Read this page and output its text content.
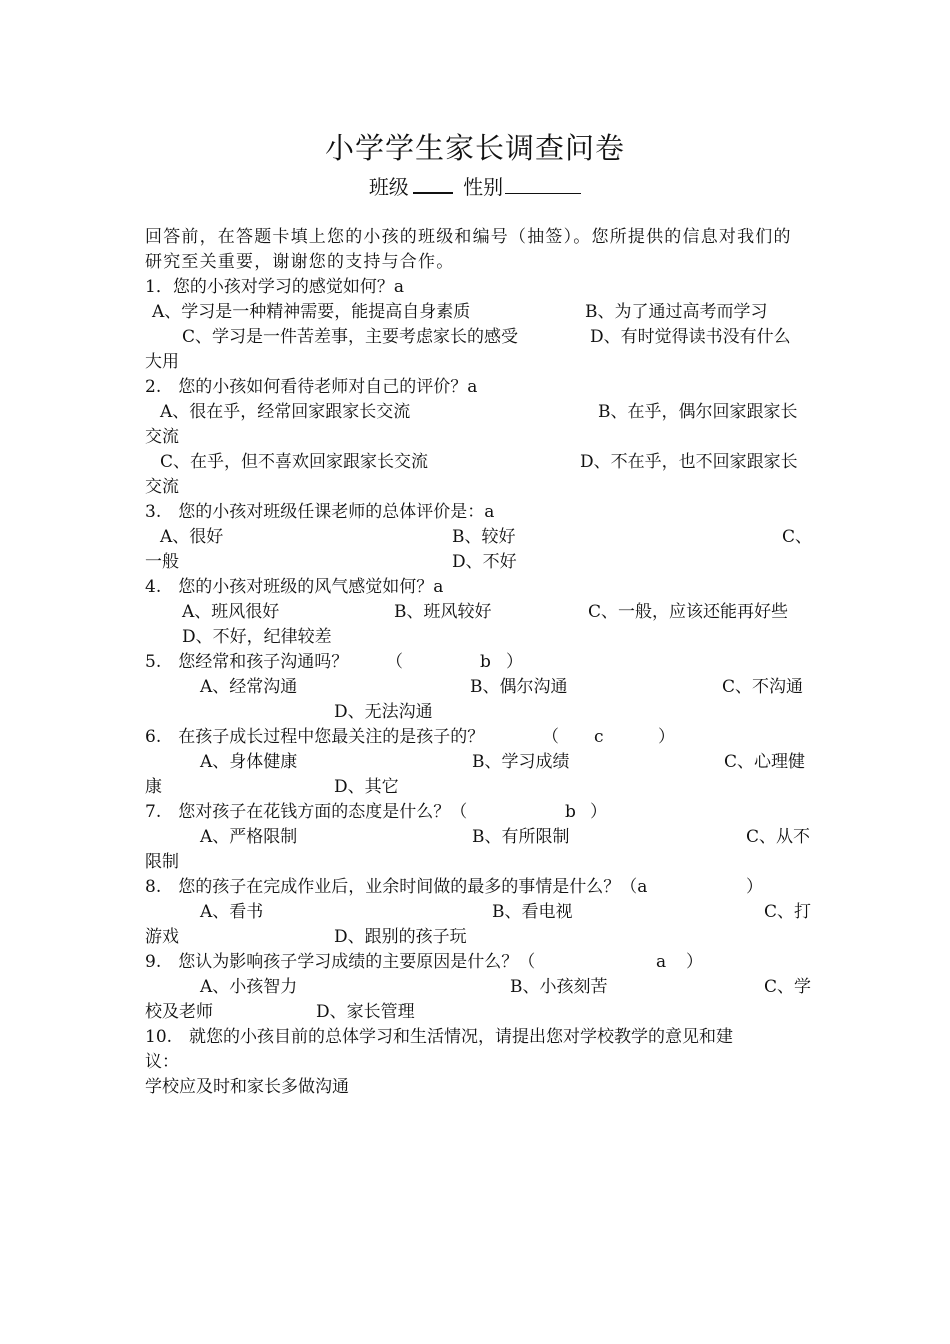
小学学生家长调查问卷
班级	性别
回答前，在答题卡填上您的小孩的班级和编号（抽签）。您所提供的信息对我们的
研究至关重要，谢谢您的支持与合作。
1．您的小孩对学习的感觉如何？a
A、学习是一种精神需要，能提高自身素质	B、为了通过高考而学习
C、学习是一件苦差事，主要考虑家长的感受	D、有时觉得读书没有什么
大用
2.　您的小孩如何看待老师对自己的评价？a
A、很在乎，经常回家跟家长交流	B、在乎，偶尔回家跟家长
交流
C、在乎，但不喜欢回家跟家长交流	D、不在乎，也不回家跟家长
交流
3.　您的小孩对班级任课老师的总体评价是：a
A、很好	B、较好	C、
一般	D、不好
4.　您的小孩对班级的风气感觉如何？a
A、班风很好	B、班风较好	C、一般，应该还能再好些
D、不好，纪律较差
5.　您经常和孩子沟通吗？ （	b ）
A、经常沟通	B、偶尔沟通	C、不沟通
D、无法沟通
6.　在孩子成长过程中您最关注的是孩子的？	（ c	）
A、身体健康	B、学习成绩	C、心理健
康	D、其它
7.　您对孩子在花钱方面的态度是什么？（	b ）
A、严格限制	B、有所限制	C、从不
限制
8.　您的孩子在完成作业后，业余时间做的最多的事情是什么？（a	）
A、看书	B、看电视	C、打
游戏	D、跟别的孩子玩
9.　您认为影响孩子学习成绩的主要原因是什么？（	a ）
A、小孩智力	B、小孩刻苦	C、学
校及老师	D、家长管理
10.　就您的小孩目前的总体学习和生活情况，请提出您对学校教学的意见和建
议：
学校应及时和家长多做沟通
